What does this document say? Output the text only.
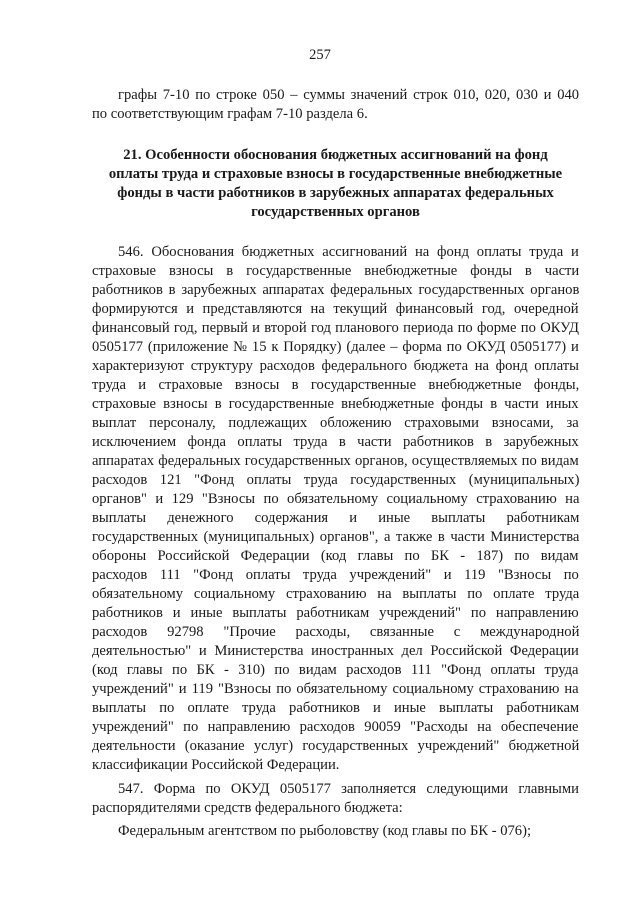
257
графы 7-10 по строке 050 – суммы значений строк 010, 020, 030 и 040
по соответствующим графам 7-10 раздела 6.
21. Особенности обоснования бюджетных ассигнований на фонд
оплаты труда и страховые взносы в государственные внебюджетные
фонды в части работников в зарубежных аппаратах федеральных
государственных органов
546. Обоснования бюджетных ассигнований на фонд оплаты труда и
страховые взносы в государственные внебюджетные фонды в части
работников в зарубежных аппаратах федеральных государственных органов
формируются и представляются на текущий финансовый год, очередной
финансовый год, первый и второй год планового периода по форме по ОКУД
0505177 (приложение № 15 к Порядку) (далее – форма по ОКУД 0505177) и
характеризуют структуру расходов федерального бюджета на фонд оплаты
труда и страховые взносы в государственные внебюджетные фонды,
страховые взносы в государственные внебюджетные фонды в части иных
выплат персоналу, подлежащих обложению страховыми взносами, за
исключением фонда оплаты труда в части работников в зарубежных
аппаратах федеральных государственных органов, осуществляемых по видам
расходов 121 "Фонд оплаты труда государственных (муниципальных)
органов" и 129 "Взносы по обязательному социальному страхованию на
выплаты денежного содержания и иные выплаты работникам
государственных (муниципальных) органов", а также в части Министерства
обороны Российской Федерации (код главы по БК - 187) по видам
расходов 111 "Фонд оплаты труда учреждений" и 119 "Взносы по
обязательному социальному страхованию на выплаты по оплате труда
работников и иные выплаты работникам учреждений" по направлению
расходов 92798 "Прочие расходы, связанные с международной
деятельностью" и Министерства иностранных дел Российской Федерации
(код главы по БК - 310) по видам расходов 111 "Фонд оплаты труда
учреждений" и 119 "Взносы по обязательному социальному страхованию на
выплаты по оплате труда работников и иные выплаты работникам
учреждений" по направлению расходов 90059 "Расходы на обеспечение
деятельности (оказание услуг) государственных учреждений" бюджетной
классификации Российской Федерации.
547. Форма по ОКУД 0505177 заполняется следующими главными
распорядителями средств федерального бюджета:
Федеральным агентством по рыболовству (код главы по БК - 076);
